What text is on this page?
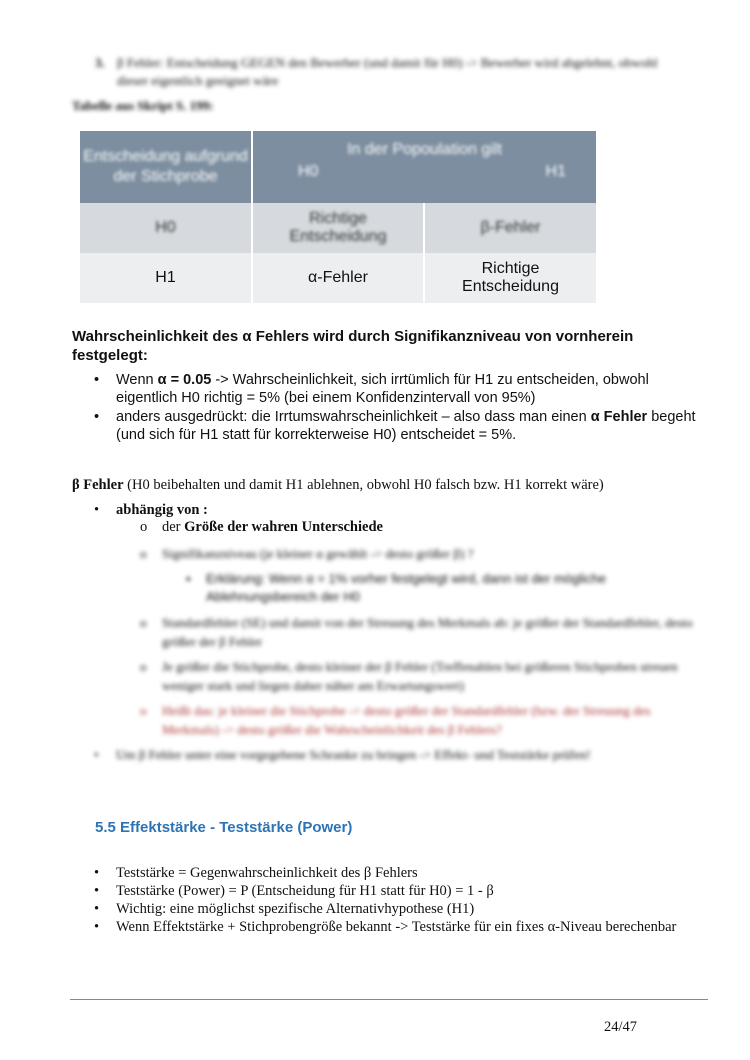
3. β Fehler: Entscheidung GEGEN den Bewerber (und damit für H0) -> Bewerber wird abgelehnt, obwohl dieser eigentlich geeignet wäre
Tabelle aus Skript S. 199:
Entscheidung aufgrund der Stichprobe	In der Popoulation gilt
H0 H1	

H0	Richtige Entscheidung	β-Fehler

H1	α-Fehler	Richtige Entscheidung
Wahrscheinlichkeit des α Fehlers wird durch Signifikanzniveau von vornherein festgelegt:
• Wenn α = 0.05 -> Wahrscheinlichkeit, sich irrtümlich für H1 zu entscheiden, obwohl eigentlich H0 richtig = 5% (bei einem Konfidenzintervall von 95%)
• anders ausgedrückt: die Irrtumswahrscheinlichkeit – also dass man einen α Fehler begeht (und sich für H1 statt für korrekterweise H0) entscheidet = 5%.
β Fehler (H0 beibehalten und damit H1 ablehnen, obwohl H0 falsch bzw. H1 korrekt wäre)
•	abhängig von :
o	der Größe der wahren Unterschiede
o	Signifikanzniveau (je kleiner α gewählt -> desto größer β) ?
▪	Erklärung: Wenn α = 1% vorher festgelegt wird, dann ist der mögliche Ablehnungsbereich der H0
o	Standardfehler (SE) und damit von der Streuung des Merkmals ab: je größer der Standardfehler, desto größer der β Fehler
o	Je größer die Stichprobe, desto kleiner der β Fehler (Treffenahlen bei größeren Stichproben streuen weniger stark und liegen daher näher am Erwartungswert)
o	Heißt das: je kleiner die Stichprobe -> desto größer der Standardfehler (bzw. der Streuung des Merkmals) -> desto größer die Wahrscheinlichkeit des β Fehlers?
•	Um β Fehler unter eine vorgegebene Schranke zu bringen -> Effekt- und Teststärke prüfen!
5.5 Effektstärke - Teststärke (Power)
• Teststärke = Gegenwahrscheinlichkeit des β Fehlers
• Teststärke (Power) = P (Entscheidung für H1 statt für H0) = 1 - β
• Wichtig: eine möglichst spezifische Alternativhypothese (H1)
• Wenn Effektstärke + Stichprobengröße bekannt -> Teststärke für ein fixes α-Niveau berechenbar
24/47
